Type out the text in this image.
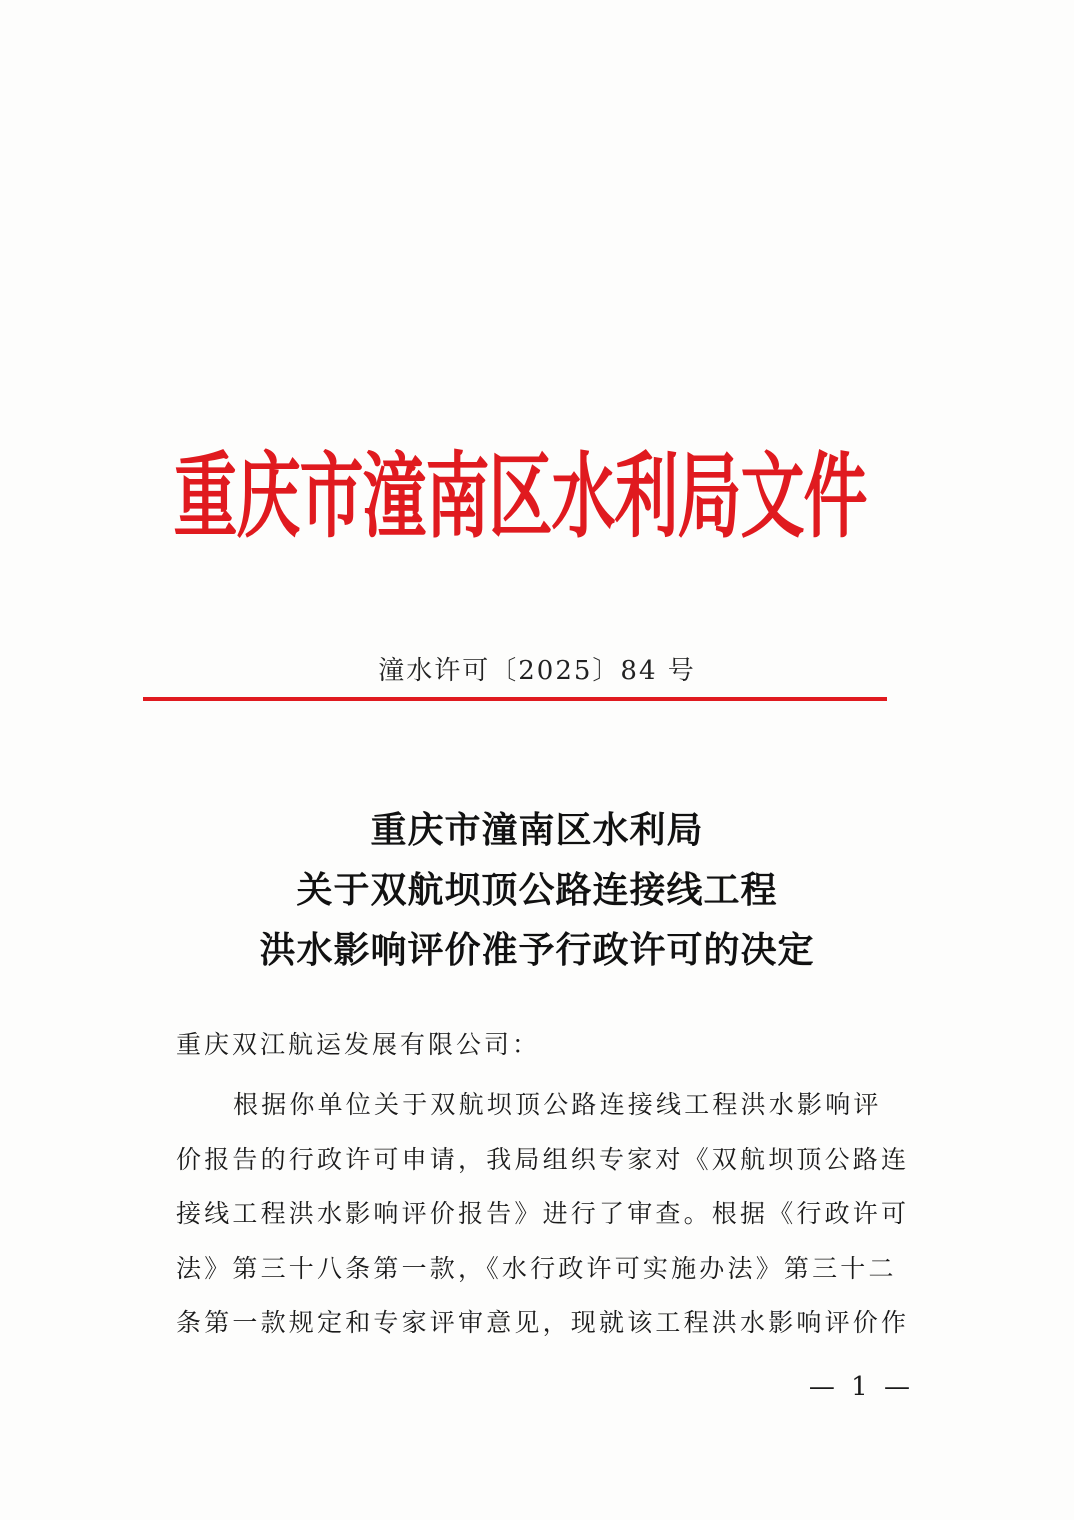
重庆市潼南区水利局文件
潼水许可〔2025〕84 号
重庆市潼南区水利局
关于双航坝顶公路连接线工程
洪水影响评价准予行政许可的决定
重庆双江航运发展有限公司：
根据你单位关于双航坝顶公路连接线工程洪水影响评
价报告的行政许可申请，我局组织专家对《双航坝顶公路连
接线工程洪水影响评价报告》进行了审查。根据《行政许可
法》第三十八条第一款，《水行政许可实施办法》第三十二
条第一款规定和专家评审意见，现就该工程洪水影响评价作
— 1 —
